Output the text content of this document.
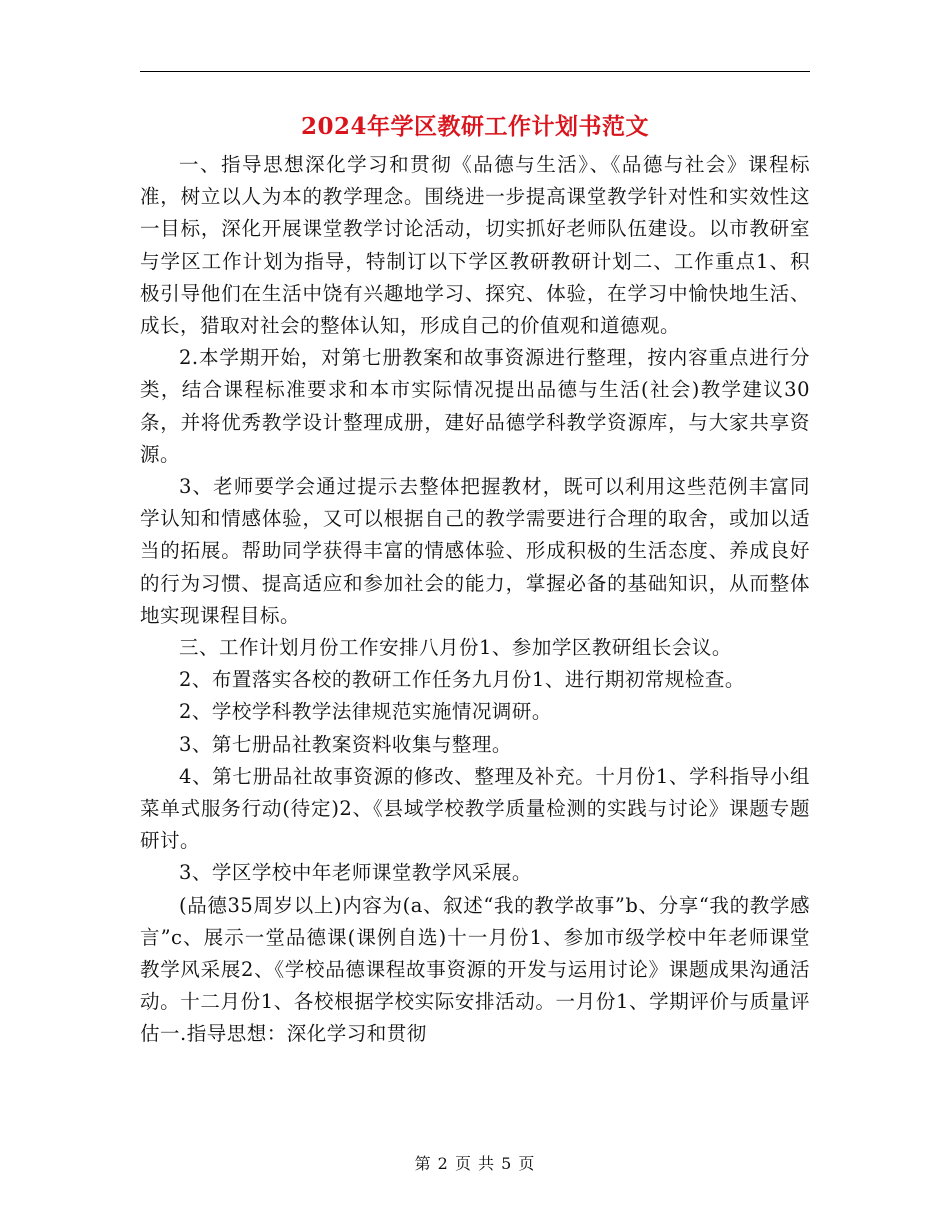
2024年学区教研工作计划书范文

一、指导思想深化学习和贯彻《品德与生活》、《品德与社会》课程标准，树立以人为本的教学理念。围绕进一步提高课堂教学针对性和实效性这一目标，深化开展课堂教学讨论活动，切实抓好老师队伍建设。以市教研室与学区工作计划为指导，特制订以下学区教研教研计划二、工作重点1、积极引导他们在生活中饶有兴趣地学习、探究、体验，在学习中愉快地生活、成长，猎取对社会的整体认知，形成自己的价值观和道德观。

2.本学期开始，对第七册教案和故事资源进行整理，按内容重点进行分类，结合课程标准要求和本市实际情况提出品德与生活(社会)教学建议30条，并将优秀教学设计整理成册，建好品德学科教学资源库，与大家共享资源。

3、老师要学会通过提示去整体把握教材，既可以利用这些范例丰富同学认知和情感体验，又可以根据自己的教学需要进行合理的取舍，或加以适当的拓展。帮助同学获得丰富的情感体验、形成积极的生活态度、养成良好的行为习惯、提高适应和参加社会的能力，掌握必备的基础知识，从而整体地实现课程目标。

三、工作计划月份工作安排八月份1、参加学区教研组长会议。

2、布置落实各校的教研工作任务九月份1、进行期初常规检查。

2、学校学科教学法律规范实施情况调研。

3、第七册品社教案资料收集与整理。

4、第七册品社故事资源的修改、整理及补充。十月份1、学科指导小组菜单式服务行动(待定)2、《县域学校教学质量检测的实践与讨论》课题专题研讨。

3、学区学校中年老师课堂教学风采展。

(品德35周岁以上)内容为(a、叙述“我的教学故事”b、分享“我的教学感言”c、展示一堂品德课(课例自选)十一月份1、参加市级学校中年老师课堂教学风采展2、《学校品德课程故事资源的开发与运用讨论》课题成果沟通活动。十二月份1、各校根据学校实际安排活动。一月份1、学期评价与质量评估一.指导思想：深化学习和贯彻

第 2 页 共 5 页
